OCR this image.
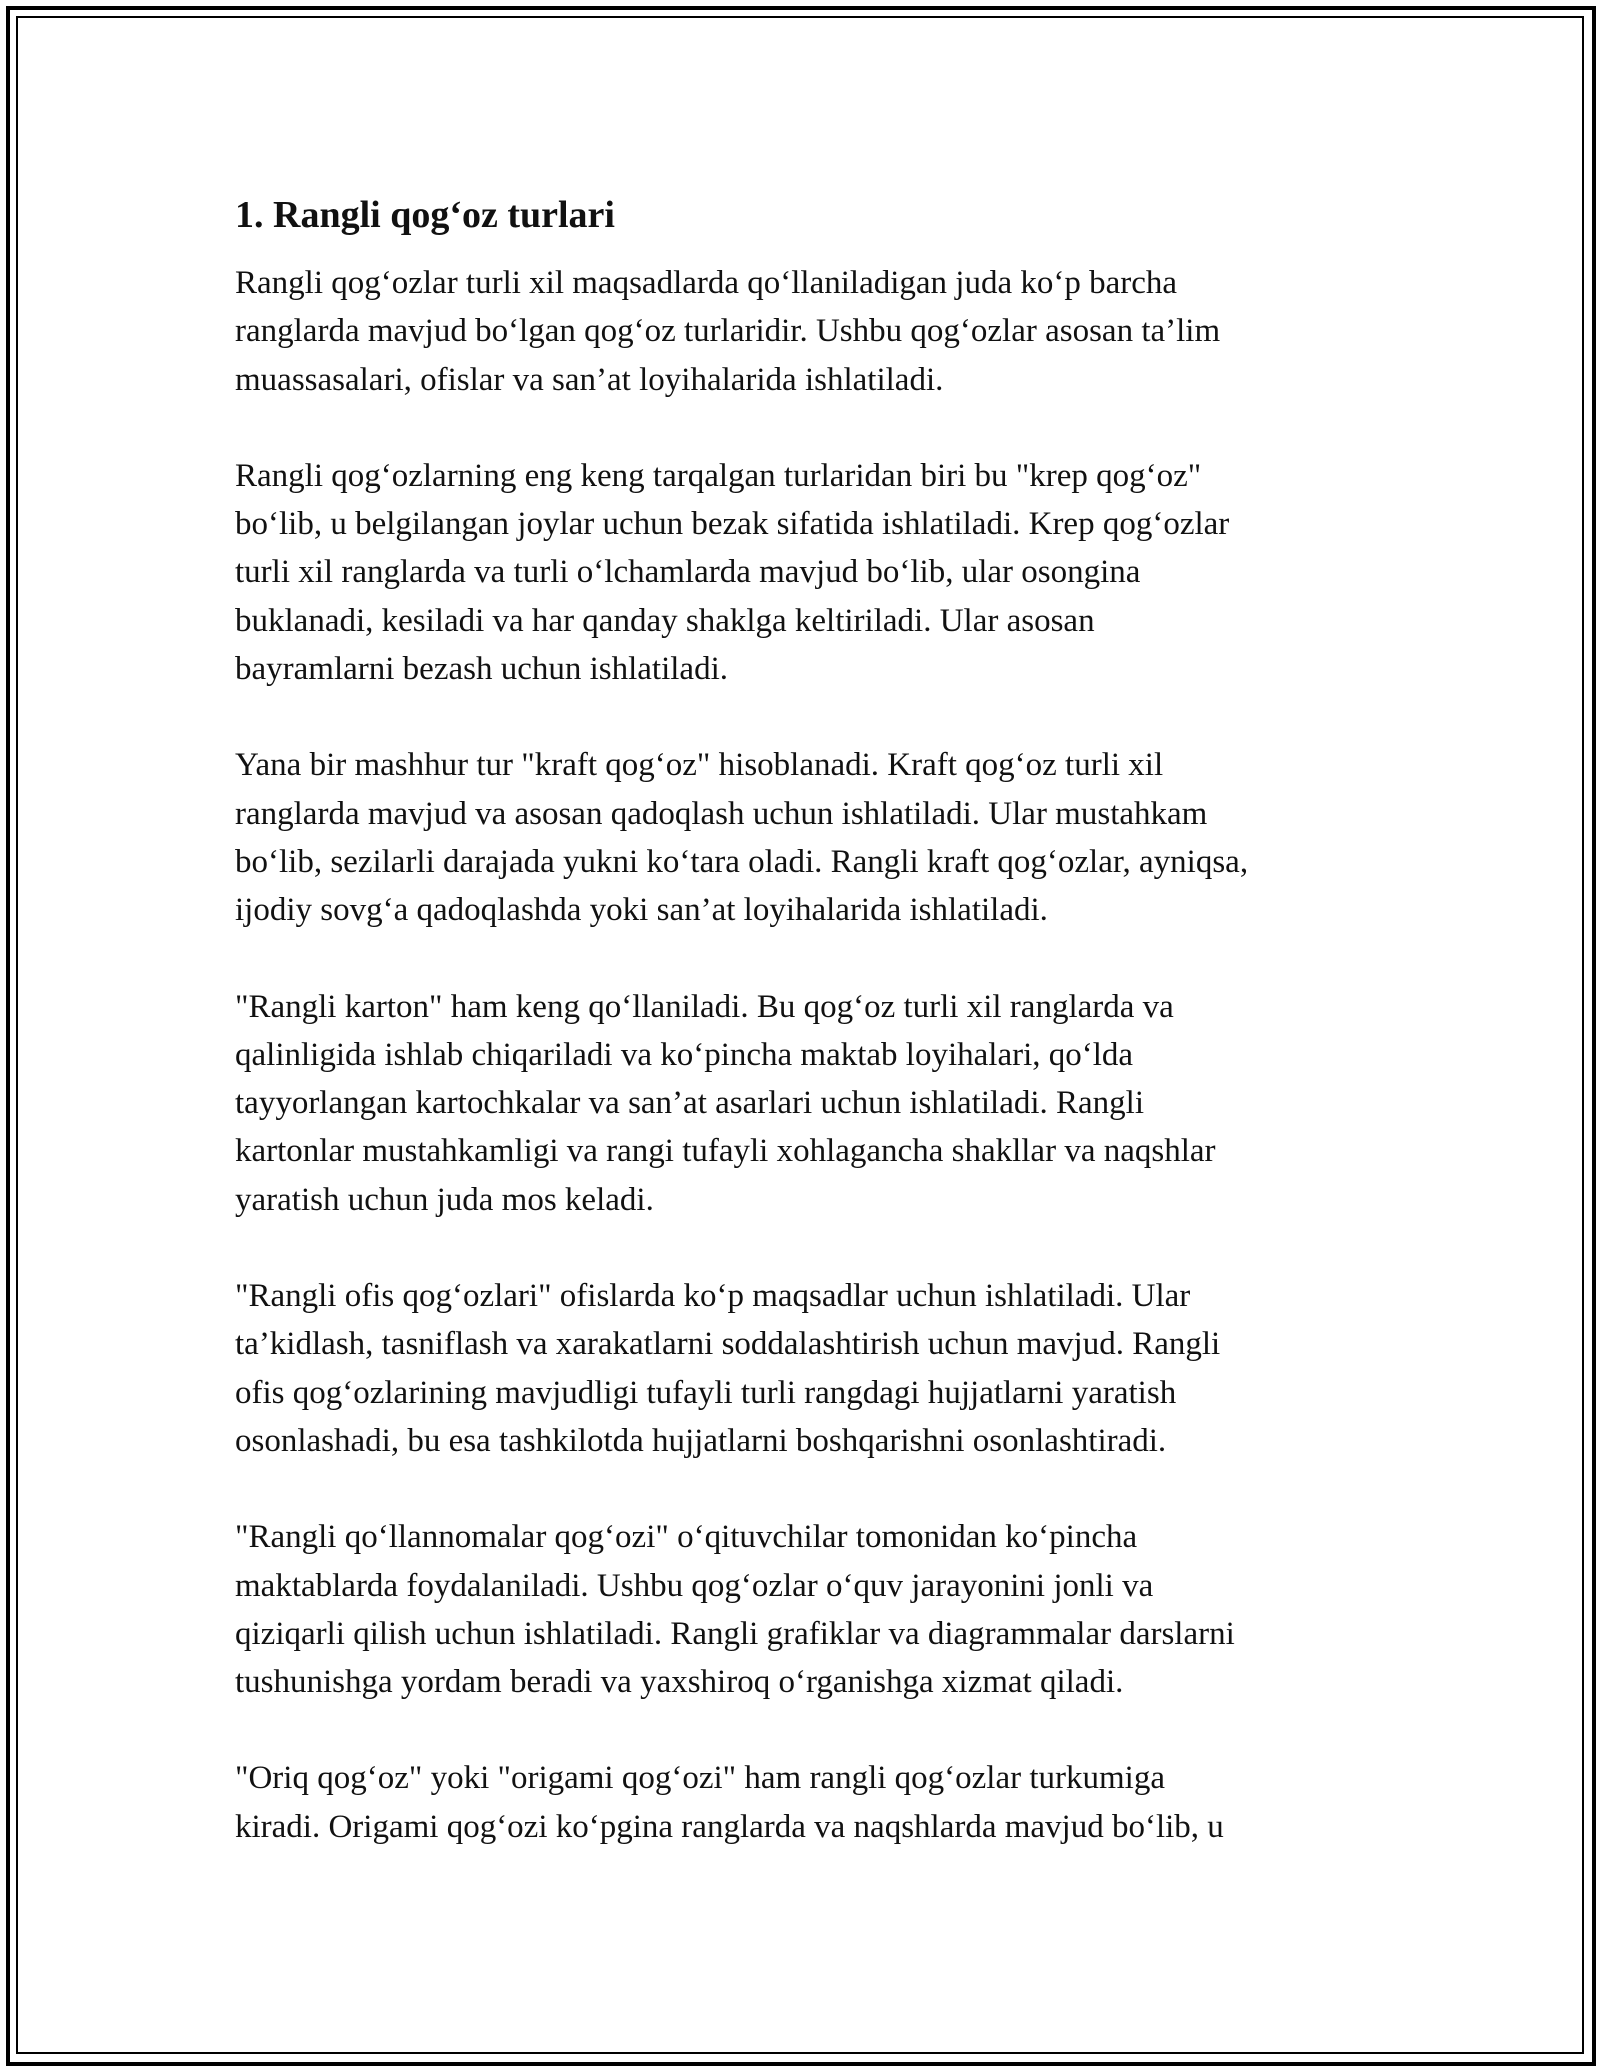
1. Rangli qog‘oz turlari
Rangli qog‘ozlar turli xil maqsadlarda qo‘llaniladigan juda ko‘p barcha
ranglarda mavjud bo‘lgan qog‘oz turlaridir. Ushbu qog‘ozlar asosan ta’lim
muassasalari, ofislar va san’at loyihalarida ishlatiladi.
Rangli qog‘ozlarning eng keng tarqalgan turlaridan biri bu "krep qog‘oz"
bo‘lib, u belgilangan joylar uchun bezak sifatida ishlatiladi. Krep qog‘ozlar
turli xil ranglarda va turli o‘lchamlarda mavjud bo‘lib, ular osongina
buklanadi, kesiladi va har qanday shaklga keltiriladi. Ular asosan
bayramlarni bezash uchun ishlatiladi.
Yana bir mashhur tur "kraft qog‘oz" hisoblanadi. Kraft qog‘oz turli xil
ranglarda mavjud va asosan qadoqlash uchun ishlatiladi. Ular mustahkam
bo‘lib, sezilarli darajada yukni ko‘tara oladi. Rangli kraft qog‘ozlar, ayniqsa,
ijodiy sovg‘a qadoqlashda yoki san’at loyihalarida ishlatiladi.
"Rangli karton" ham keng qo‘llaniladi. Bu qog‘oz turli xil ranglarda va
qalinligida ishlab chiqariladi va ko‘pincha maktab loyihalari, qo‘lda
tayyorlangan kartochkalar va san’at asarlari uchun ishlatiladi. Rangli
kartonlar mustahkamligi va rangi tufayli xohlagancha shakllar va naqshlar
yaratish uchun juda mos keladi.
"Rangli ofis qog‘ozlari" ofislarda ko‘p maqsadlar uchun ishlatiladi. Ular
ta’kidlash, tasniflash va xarakatlarni soddalashtirish uchun mavjud. Rangli
ofis qog‘ozlarining mavjudligi tufayli turli rangdagi hujjatlarni yaratish
osonlashadi, bu esa tashkilotda hujjatlarni boshqarishni osonlashtiradi.
"Rangli qo‘llannomalar qog‘ozi" o‘qituvchilar tomonidan ko‘pincha
maktablarda foydalaniladi. Ushbu qog‘ozlar o‘quv jarayonini jonli va
qiziqarli qilish uchun ishlatiladi. Rangli grafiklar va diagrammalar darslarni
tushunishga yordam beradi va yaxshiroq o‘rganishga xizmat qiladi.
"Oriq qog‘oz" yoki "origami qog‘ozi" ham rangli qog‘ozlar turkumiga
kiradi. Origami qog‘ozi ko‘pgina ranglarda va naqshlarda mavjud bo‘lib, u
